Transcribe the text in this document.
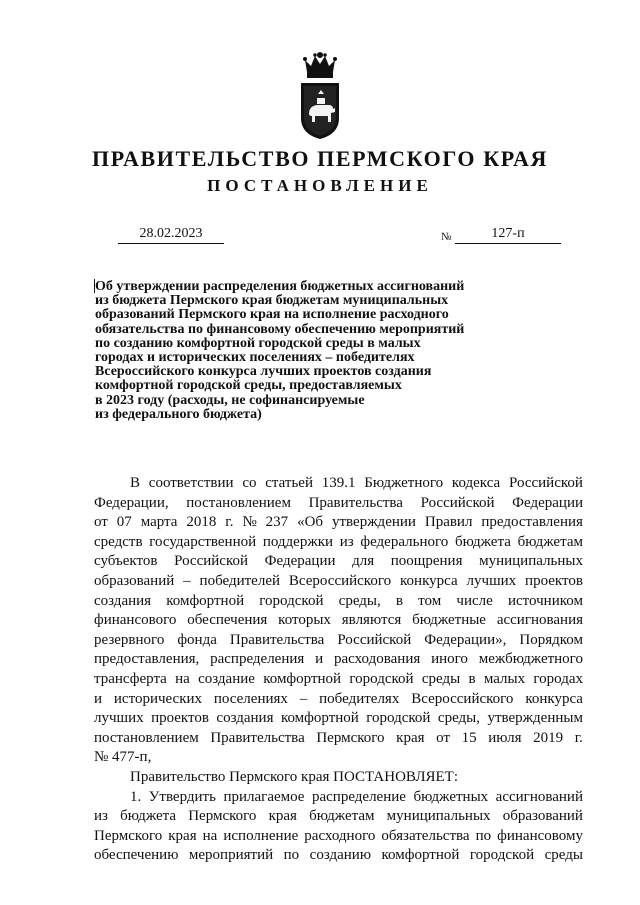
ПРАВИТЕЛЬСТВО ПЕРМСКОГО КРАЯ
ПОСТАНОВЛЕНИЕ
28.02.2023	№	127-п
Об утверждении распределения бюджетных ассигнований
из бюджета Пермского края бюджетам муниципальных
образований Пермского края на исполнение расходного
обязательства по финансовому обеспечению мероприятий
по созданию комфортной городской среды в малых
городах и исторических поселениях – победителях
Всероссийского конкурса лучших проектов создания
комфортной городской среды, предоставляемых
в 2023 году (расходы, не софинансируемые
из федерального бюджета)
В соответствии со статьей 139.1 Бюджетного кодекса Российской
Федерации, постановлением Правительства Российской Федерации
от 07 марта 2018 г. № 237 «Об утверждении Правил предоставления
средств государственной поддержки из федерального бюджета бюджетам
субъектов Российской Федерации для поощрения муниципальных
образований – победителей Всероссийского конкурса лучших проектов
создания комфортной городской среды, в том числе источником
финансового обеспечения которых являются бюджетные ассигнования
резервного фонда Правительства Российской Федерации», Порядком
предоставления, распределения и расходования иного межбюджетного
трансферта на создание комфортной городской среды в малых городах
и исторических поселениях – победителях Всероссийского конкурса
лучших проектов создания комфортной городской среды, утвержденным
постановлением Правительства Пермского края от 15 июля 2019 г.
№ 477-п,
Правительство Пермского края ПОСТАНОВЛЯЕТ:
1. Утвердить прилагаемое распределение бюджетных ассигнований
из бюджета Пермского края бюджетам муниципальных образований
Пермского края на исполнение расходного обязательства по финансовому
обеспечению мероприятий по созданию комфортной городской среды
